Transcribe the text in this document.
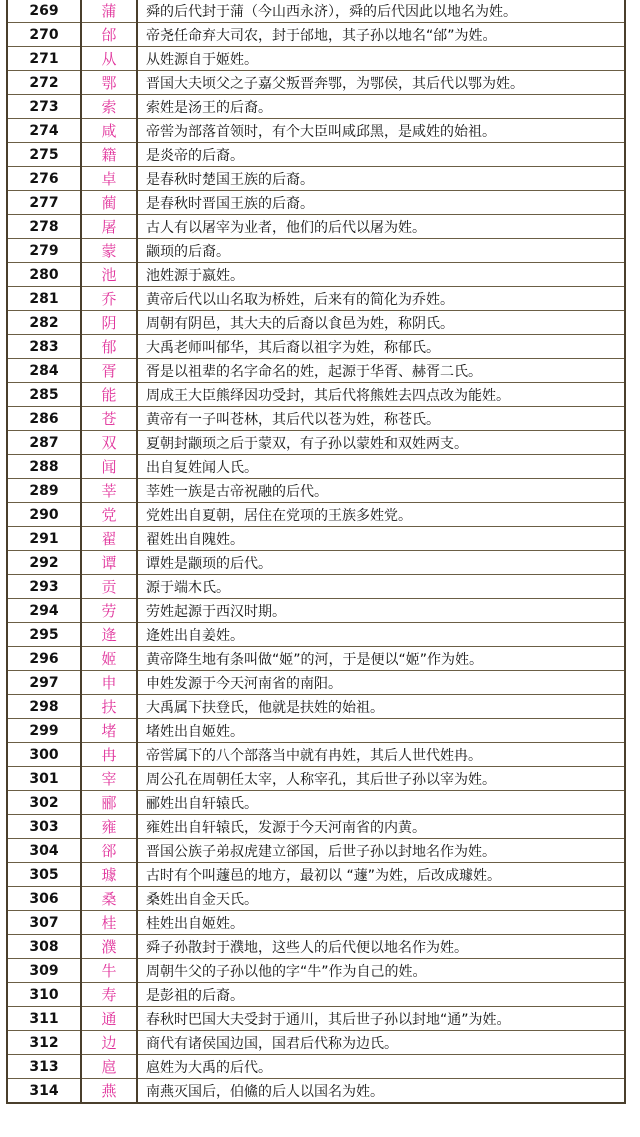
269	蒲	舜的后代封于蒲（今山西永济），舜的后代因此以地名为姓。
270	邰	帝尧任命弃大司农，封于邰地，其子孙以地名“邰”为姓。
271	从	从姓源自于姬姓。
272	鄂	晋国大夫顷父之子嘉父叛晋奔鄂，为鄂侯，其后代以鄂为姓。
273	索	索姓是汤王的后裔。
274	咸	帝喾为部落首领时，有个大臣叫咸邱黑，是咸姓的始祖。
275	籍	是炎帝的后裔。
276	卓	是春秋时楚国王族的后裔。
277	蔺	是春秋时晋国王族的后裔。
278	屠	古人有以屠宰为业者，他们的后代以屠为姓。
279	蒙	颛顼的后裔。
280	池	池姓源于嬴姓。
281	乔	黄帝后代以山名取为桥姓，后来有的简化为乔姓。
282	阴	周朝有阴邑，其大夫的后裔以食邑为姓，称阴氏。
283	郁	大禹老师叫郁华，其后裔以祖字为姓，称郁氏。
284	胥	胥是以祖辈的名字命名的姓，起源于华胥、赫胥二氏。
285	能	周成王大臣熊绎因功受封，其后代将熊姓去四点改为能姓。
286	苍	黄帝有一子叫苍林，其后代以苍为姓，称苍氏。
287	双	夏朝封颛顼之后于蒙双，有子孙以蒙姓和双姓两支。
288	闻	出自复姓闻人氏。
289	莘	莘姓一族是古帝祝融的后代。
290	党	党姓出自夏朝，居住在党项的王族多姓党。
291	翟	翟姓出自隗姓。
292	谭	谭姓是颛顼的后代。
293	贡	源于端木氏。
294	劳	劳姓起源于西汉时期。
295	逄	逄姓出自姜姓。
296	姬	黄帝降生地有条叫做“姬”的河，于是便以“姬”作为姓。
297	申	申姓发源于今天河南省的南阳。
298	扶	大禹属下扶登氏，他就是扶姓的始祖。
299	堵	堵姓出自姬姓。
300	冉	帝喾属下的八个部落当中就有冉姓，其后人世代姓冉。
301	宰	周公孔在周朝任太宰，人称宰孔，其后世子孙以宰为姓。
302	郦	郦姓出自轩辕氏。
303	雍	雍姓出自轩辕氏，发源于今天河南省的内黄。
304	郤	晋国公族子弟叔虎建立郤国，后世子孙以封地名作为姓。
305	璩	古时有个叫蘧邑的地方，最初以 “蘧”为姓，后改成璩姓。
306	桑	桑姓出自金天氏。
307	桂	桂姓出自姬姓。
308	濮	舜子孙散封于濮地，这些人的后代便以地名作为姓。
309	牛	周朝牛父的子孙以他的字“牛”作为自己的姓。
310	寿	是彭祖的后裔。
311	通	春秋时巴国大夫受封于通川，其后世子孙以封地“通”为姓。
312	边	商代有诸侯国边国，国君后代称为边氏。
313	扈	扈姓为大禹的后代。
314	燕	南燕灭国后，伯鯈的后人以国名为姓。
